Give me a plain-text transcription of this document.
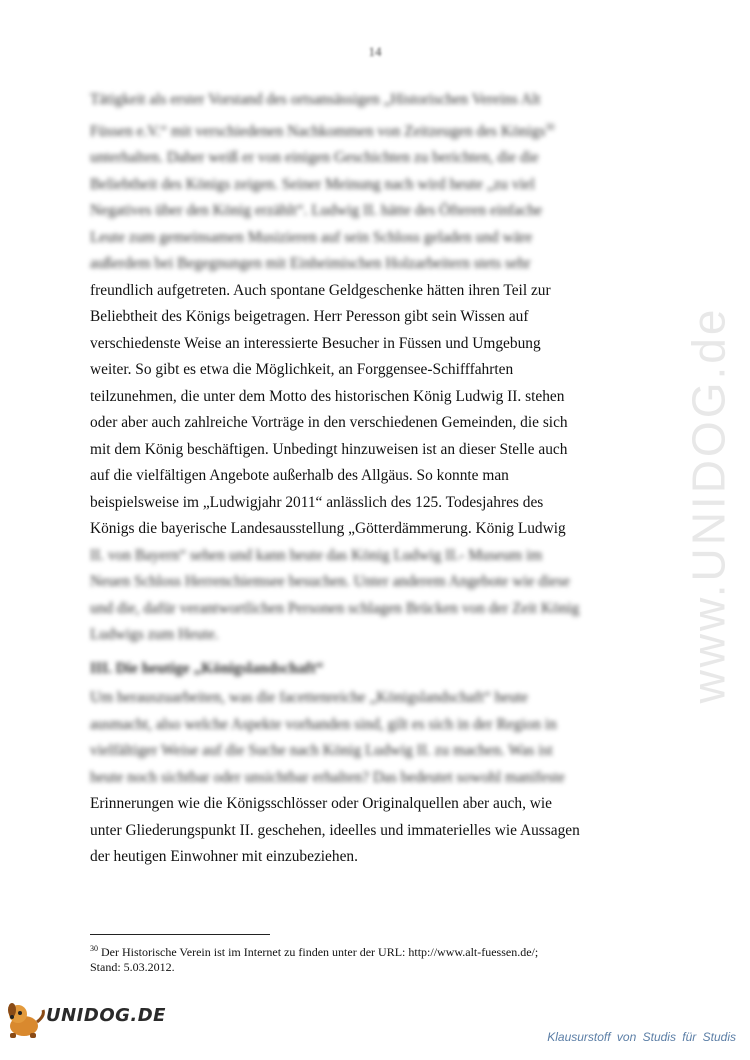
14
Tätigkeit als erster Vorstand des ortsansässigen „Historischen Vereins Alt
Füssen e.V.“ mit verschiedenen Nachkommen von Zeitzeugen des Königs$^{30}$
unterhalten. Daher weiß er von einigen Geschichten zu berichten, die die
Beliebtheit des Königs zeigen. Seiner Meinung nach wird heute „zu viel
Negatives über den König erzählt“. Ludwig II. hätte des Öfteren einfache
Leute zum gemeinsamen Musizieren auf sein Schloss geladen und wäre
außerdem bei Begegnungen mit Einheimischen Holzarbeitern stets sehr
freundlich aufgetreten. Auch spontane Geldgeschenke hätten ihren Teil zur
Beliebtheit des Königs beigetragen. Herr Peresson gibt sein Wissen auf
verschiedenste Weise an interessierte Besucher in Füssen und Umgebung
weiter. So gibt es etwa die Möglichkeit, an Forggensee-Schifffahrten
teilzunehmen, die unter dem Motto des historischen König Ludwig II. stehen
oder aber auch zahlreiche Vorträge in den verschiedenen Gemeinden, die sich
mit dem König beschäftigen. Unbedingt hinzuweisen ist an dieser Stelle auch
auf die vielfältigen Angebote außerhalb des Allgäus. So konnte man
beispielsweise im „Ludwigjahr 2011“ anlässlich des 125. Todesjahres des
Königs die bayerische Landesausstellung „Götterdämmerung. König Ludwig
II. von Bayern“ sehen und kann heute das König Ludwig II.- Museum im
Neuen Schloss Herrenchiemsee besuchen. Unter anderem Angebote wie diese
und die, dafür verantwortlichen Personen schlagen Brücken von der Zeit König
Ludwigs zum Heute.
III. Die heutige „Königslandschaft“
Um herauszuarbeiten, was die facettenreiche „Königslandschaft“ heute
ausmacht, also welche Aspekte vorhanden sind, gilt es sich in der Region in
vielfältiger Weise auf die Suche nach König Ludwig II. zu machen. Was ist
heute noch sichtbar oder unsichtbar erhalten? Das bedeutet sowohl manifeste
Erinnerungen wie die Königsschlösser oder Originalquellen aber auch, wie
unter Gliederungspunkt II. geschehen, ideelles und immaterielles wie Aussagen
der heutigen Einwohner mit einzubeziehen.
$^{30}$ Der Historische Verein ist im Internet zu finden unter der URL: http://www.alt-fuessen.de/;
Stand: 5.03.2012.
www.UNIDOG.de
UNIDOG.DE
Klausurstoff von Studis für Studis
